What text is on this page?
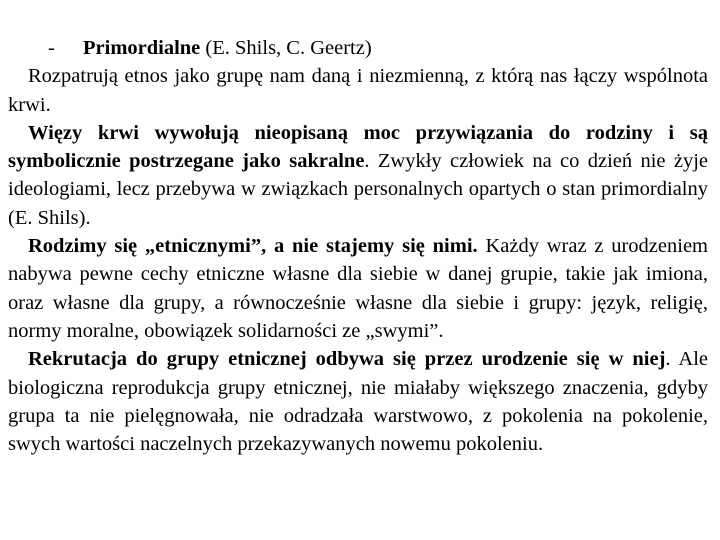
- Primordialne (E. Shils, C. Geertz)

Rozpatrują etnos jako grupę nam daną i niezmienną, z którą nas łączy wspólnota krwi.

Więzy krwi wywołują nieopisaną moc przywiązania do rodziny i są symbolicznie postrzegane jako sakralne. Zwykły człowiek na co dzień nie żyje ideologiami, lecz przebywa w związkach personalnych opartych o stan primordialny (E. Shils).

Rodzimy się „etnicznymi”, a nie stajemy się nimi. Każdy wraz z urodzeniem nabywa pewne cechy etniczne własne dla siebie w danej grupie, takie jak imiona, oraz własne dla grupy, a równocześnie własne dla siebie i grupy: język, religię, normy moralne, obowiązek solidarności ze „swymi”.

Rekrutacja do grupy etnicznej odbywa się przez urodzenie się w niej. Ale biologiczna reprodukcja grupy etnicznej, nie miałaby większego znaczenia, gdyby grupa ta nie pielęgnowała, nie odradzała warstwowo, z pokolenia na pokolenie, swych wartości naczelnych przekazywanych nowemu pokoleniu.
